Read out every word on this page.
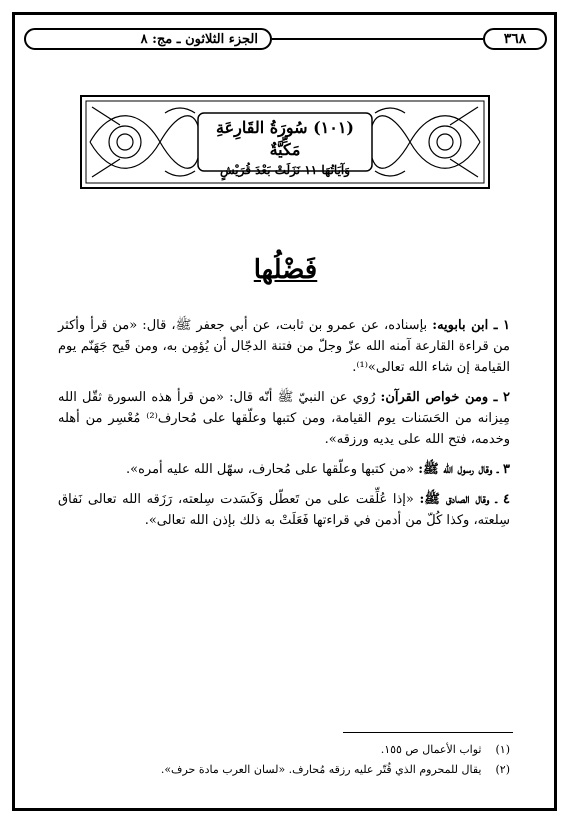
الجزء الثلاثون ـ مج: ٨	٣٦٨
(١٠١) سُورَةُ القَارِعَةِ مَكِّيَّةٌ
وَآيَاتُهَا ١١ نَزَلَتْ بَعْدَ قُرَيْشٍ
فَضْلُها

١ ـ ابن بابويه: بإسناده، عن عمرو بن ثابت، عن أبي جعفر ﷺ، قال: «من قرأ وأكثر من قراءة القارعة آمنه الله عزّ وجلّ من فتنة الدجّال أن يُؤمِن به، ومن قَيح جَهَنّم يوم القيامة إن شاء الله تعالى»⁽¹⁾.

٢ ـ ومن خواص القرآن: رُوي عن النبيّ ﷺ أنّه قال: «من قرأ هذه السورة ثقّل الله مِيزانه من الحَسَنات يوم القيامة، ومن كتبها وعلّقها على مُحارف⁽²⁾ مُعْسِر من أهله وخدمه، فتح الله على يديه ورزقه».

٣ ـ وقال رسول الله ﷺ: «من كتبها وعلّقها على مُحارف، سهّل الله عليه أمره».

٤ ـ وقال الصادق ﷺ: «إذا عُلِّقت على من تَعطّل وَكَسَدت سِلعته، رَزَقه الله تعالى نَفاق سِلعته، وكذا كُلّ من أدمن في قراءتها فَعَلَتْ به ذلك بإذن الله تعالى».

(١)
ثواب الأعمال ص ١٥٥.
(٢)
يقال للمحروم الذي قُتّر عليه رزقه مُحارف. «لسان العرب مادة حرف».
